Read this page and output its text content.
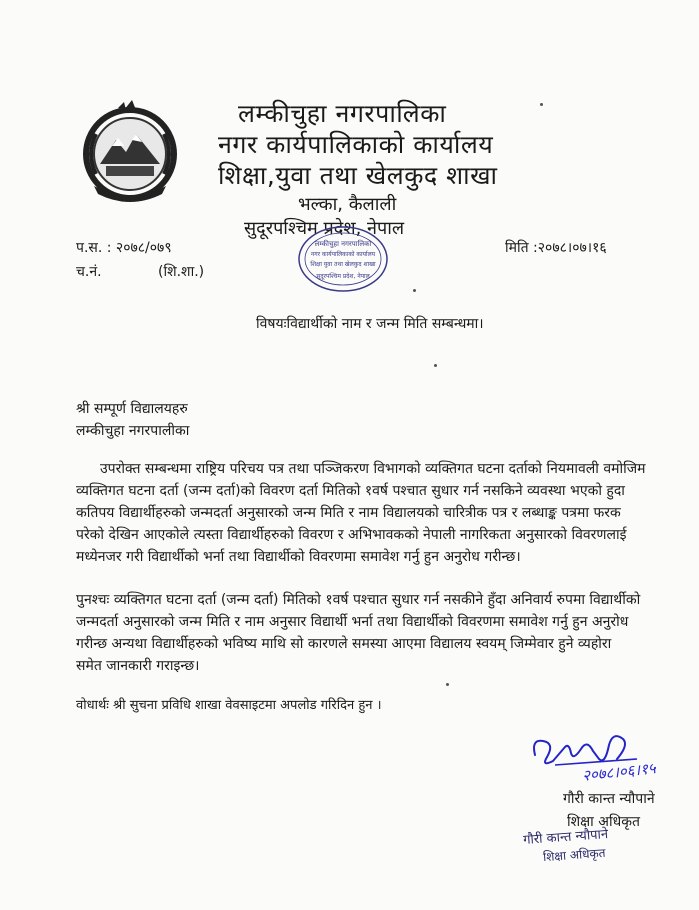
लम्कीचुहा नगरपालिका
नगर कार्यपालिकाको कार्यालय
शिक्षा,युवा तथा खेलकुद शाखा
भल्का, कैलाली
सुदूरपश्चिम प्रदेश, नेपाल
लम्कीचुहा नगरपालिका
नगर कार्यपालिकाको कार्यालय
शिक्षा युवा तथा खेलकुद शाखा
सुदूरपश्चिम प्रदेश, नेपाल
प.स. : २०७८/०७९
च.नं.	(शि.शा.)
मिति :२०७८।०७।१६
विषयःविद्यार्थीको नाम र जन्म मिति सम्बन्धमा।
श्री सम्पूर्ण विद्यालयहरु
लम्कीचुहा नगरपालीका
उपरोक्त सम्बन्धमा राष्ट्रिय परिचय पत्र तथा पञ्जिकरण विभागको व्यक्तिगत घटना दर्ताको नियमावली वमोजिम
व्यक्तिगत घटना दर्ता (जन्म दर्ता)को विवरण दर्ता मितिको १वर्ष पश्चात सुधार गर्न नसकिने व्यवस्था भएको हुदा
कतिपय विद्यार्थीहरुको जन्मदर्ता अनुसारको जन्म मिति र नाम विद्यालयको चारित्रीक पत्र र लब्धाङ्क पत्रमा फरक
परेको देखिन आएकोले त्यस्ता विद्यार्थीहरुको विवरण र अभिभावकको नेपाली नागरिकता अनुसारको विवरणलाई
मध्येनजर गरी विद्यार्थीको भर्ना तथा विद्यार्थीको विवरणमा समावेश गर्नु हुन अनुरोध गरीन्छ।
पुनश्चः व्यक्तिगत घटना दर्ता (जन्म दर्ता) मितिको १वर्ष पश्चात सुधार गर्न नसकीने हुँदा अनिवार्य रुपमा विद्यार्थीको
जन्मदर्ता अनुसारको जन्म मिति र नाम अनुसार विद्यार्थी भर्ना तथा विद्यार्थीको विवरणमा समावेश गर्नु हुन अनुरोध
गरीन्छ अन्यथा विद्यार्थीहरुको भविष्य माथि सो कारणले समस्या आएमा विद्यालय स्वयम् जिम्मेवार हुने व्यहोरा
समेत जानकारी गराइन्छ।
वोधार्थः श्री सुचना प्रविधि शाखा वेवसाइटमा अपलोड गरिदिन हुन ।
२०७८।०६।१५
गौरी कान्त न्यौपाने
शिक्षा अधिकृत
गौरी कान्त न्यौपाने
शिक्षा अधिकृत
